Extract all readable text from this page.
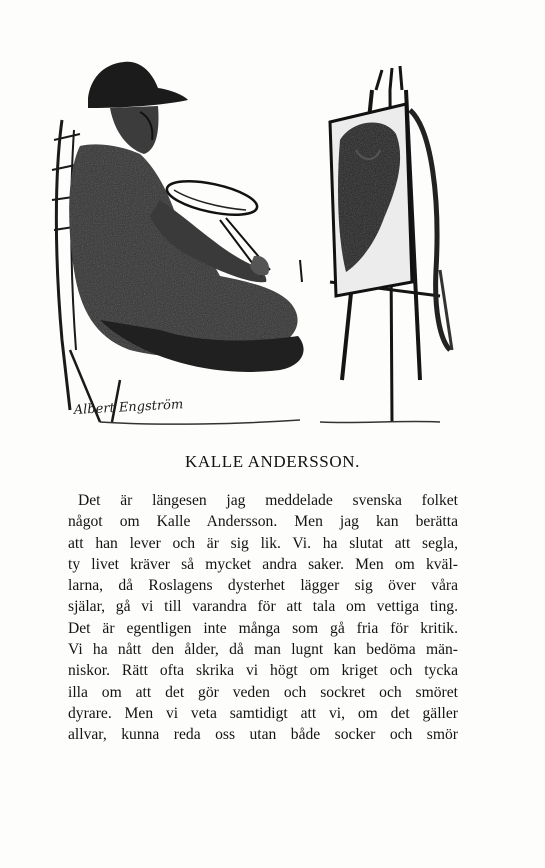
Albert Engström
KALLE ANDERSSON.
Det är längesen jag meddelade svenska folket
något om Kalle Andersson. Men jag kan berätta
att han lever och är sig lik. Vi. ha slutat att segla,
ty livet kräver så mycket andra saker. Men om kväl-
larna, då Roslagens dysterhet lägger sig över våra
själar, gå vi till varandra för att tala om vettiga ting.
Det är egentligen inte många som gå fria för kritik.
Vi ha nått den ålder, då man lugnt kan bedöma män-
niskor. Rätt ofta skrika vi högt om kriget och tycka
illa om att det gör veden och sockret och smöret
dyrare. Men vi veta samtidigt att vi, om det gäller
allvar, kunna reda oss utan både socker och smör
